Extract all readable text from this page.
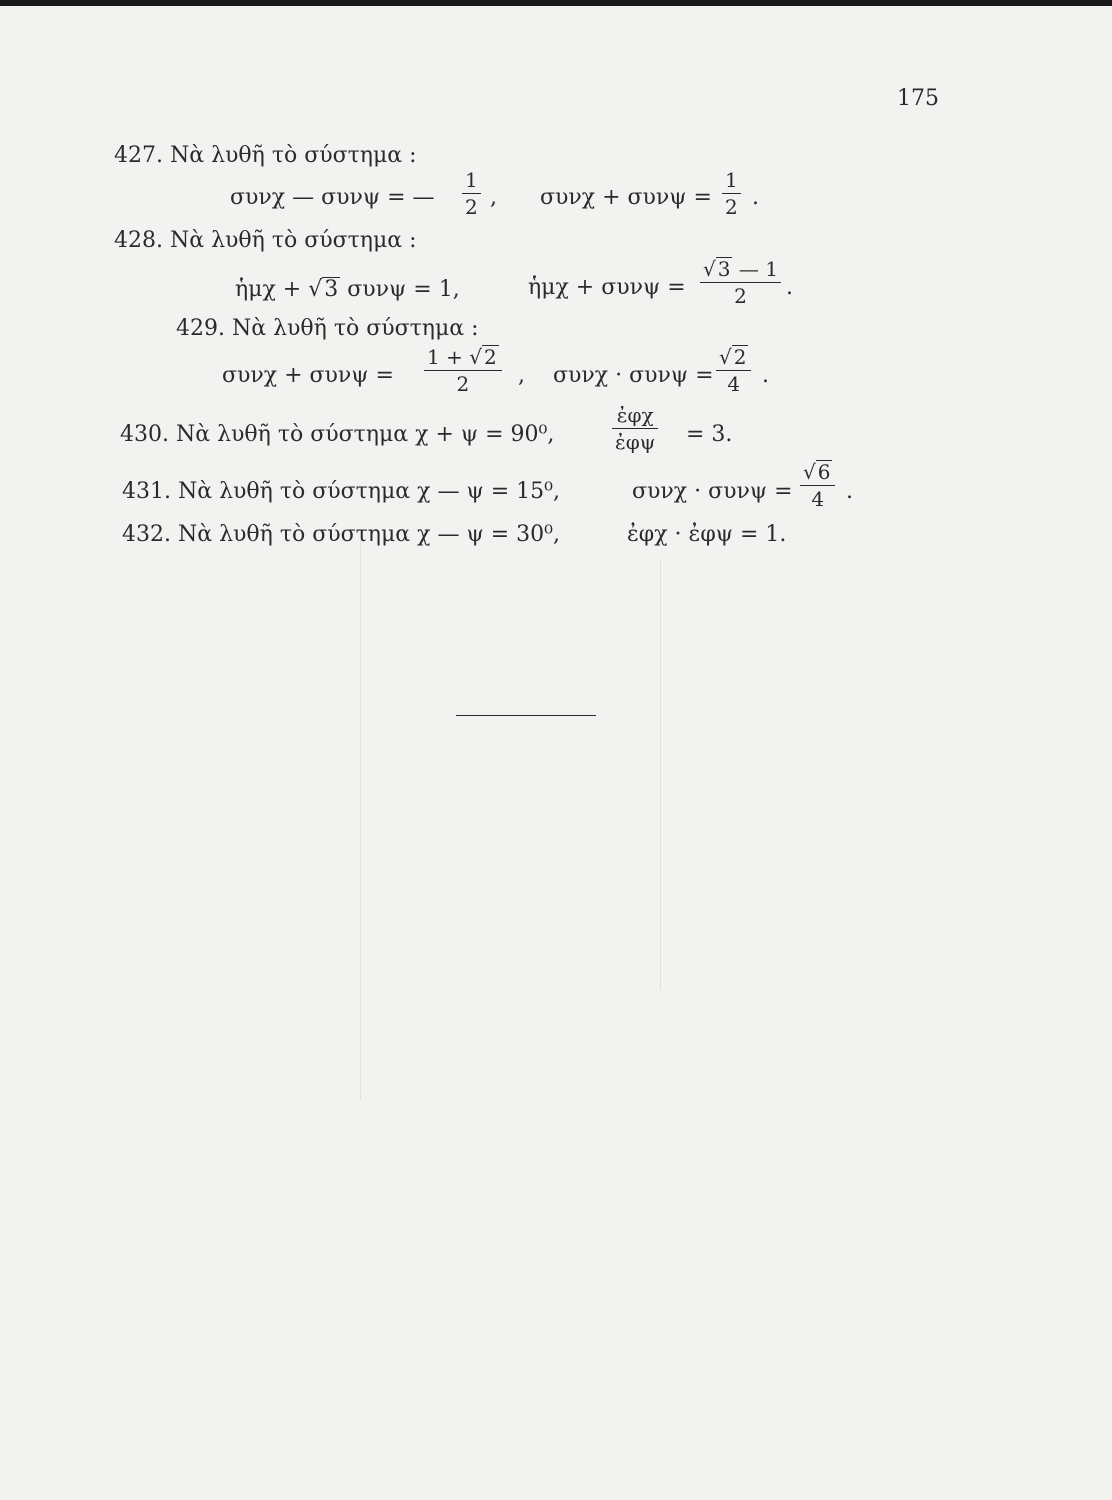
175
427. Νὰ λυθῆ τὸ σύστημα :
συνχ — συνψ = — $\frac{1}{2}$ , $\sigma\upsilon\nu\chi + \sigma\upsilon\nu\psi = \frac{1}{2}$ .
428. Νὰ λυθῆ τὸ σύστημα :
ἡμχ + √3 συνψ = 1,	ἡμχ + $\sigma\upsilon\nu\psi = \frac{√ 3 — 1}{2}$ .
429. Νὰ λυθῆ τὸ σύστημα :
$\sigma\upsilon\nu\chi + \sigma\upsilon\nu\psi = \frac{1 + √ 2}{2}$ , $\sigma\upsilon\nu\chi \cdot \sigma\upsilon\nu\psi = \frac{√ 2}{4}$ .
430. Νὰ λυθῆ τὸ σύστημα χ + ψ = 90⁰,
ἐφχ
ἐφψ = 3.
431. Νὰ λυθῆ τὸ σύστημα χ — ψ = 15⁰,	$\sigma\upsilon\nu\chi \cdot \sigma\upsilon\nu\psi = \frac{√ 6}{4}$ .
432. Νὰ λυθῆ τὸ σύστημα χ — ψ = 30⁰,	ἐφχ · ἐφψ = 1.
